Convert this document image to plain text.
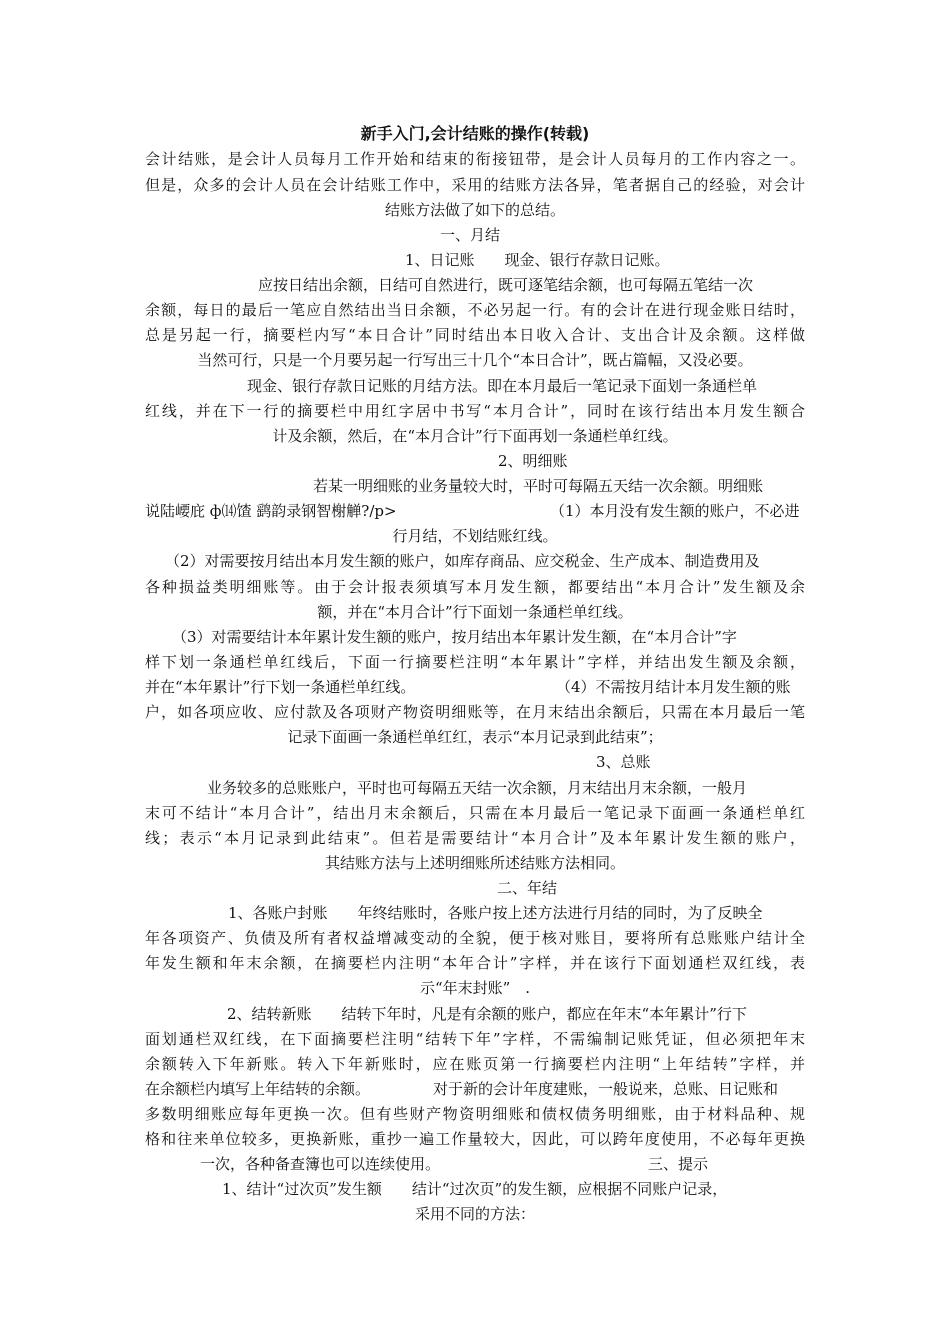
新手入门,会计结账的操作(转载)
会计结账，是会计人员每月工作开始和结束的衔接钮带，是会计人员每月的工作内容之一。
但是，众多的会计人员在会计结账工作中，采用的结账方法各异，笔者据自己的经验，对会计
结账方法做了如下的总结。
一、月结
1、日记账　　现金、银行存款日记账。
应按日结出余额，日结可自然进行，既可逐笔结余额，也可每隔五笔结一次
余额，每日的最后一笔应自然结出当日余额，不必另起一行。有的会计在进行现金账日结时，
总是另起一行，摘要栏内写“本日合计”同时结出本日收入合计、支出合计及余额。这样做
当然可行，只是一个月要另起一行写出三十几个“本日合计”，既占篇幅，又没必要。
现金、银行存款日记账的月结方法。即在本月最后一笔记录下面划一条通栏单
红线，并在下一行的摘要栏中用红字居中书写“本月合计”，同时在该行结出本月发生额合
计及余额，然后，在“本月合计”行下面再划一条通栏单红线。
2、明细账
若某一明细账的业务量较大时，平时可每隔五天结一次余额。明细账
说陆崾庇 ф⒁馇 鹞韵录钢智榭觯?/p>	（1）本月没有发生额的账户，不必进
行月结，不划结账红线。
（2）对需要按月结出本月发生额的账户，如库存商品、应交税金、生产成本、制造费用及
各种损益类明细账等。由于会计报表须填写本月发生额，都要结出“本月合计”发生额及余
额，并在“本月合计”行下面划一条通栏单红线。
（3）对需要结计本年累计发生额的账户，按月结出本年累计发生额，在“本月合计”字
样下划一条通栏单红线后，下面一行摘要栏注明“本年累计”字样，并结出发生额及余额，
并在“本年累计”行下划一条通栏单红线。	（4）不需按月结计本月发生额的账
户，如各项应收、应付款及各项财产物资明细账等，在月末结出余额后，只需在本月最后一笔
记录下面画一条通栏单红红，表示“本月记录到此结束”；
3、总账
业务较多的总账账户，平时也可每隔五天结一次余额，月末结出月末余额，一般月
末可不结计“本月合计”，结出月末余额后，只需在本月最后一笔记录下面画一条通栏单红
线；表示“本月记录到此结束”。但若是需要结计“本月合计”及本年累计发生额的账户，
其结账方法与上述明细账所述结账方法相同。
二、年结
1、各账户封账　　年终结账时，各账户按上述方法进行月结的同时，为了反映全
年各项资产、负债及所有者权益增减变动的全貌，便于核对账目，要将所有总账账户结计全
年发生额和年末余额，在摘要栏内注明“本年合计”字样，并在该行下面划通栏双红线，表
示“年末封账”　.
2、结转新账　　结转下年时，凡是有余额的账户，都应在年末“本年累计”行下
面划通栏双红线，在下面摘要栏注明“结转下年”字样，不需编制记账凭证，但必须把年末
余额转入下年新账。转入下年新账时，应在账页第一行摘要栏内注明“上年结转”字样，并
在余额栏内填写上年结转的余额。	对于新的会计年度建账，一般说来，总账、日记账和
多数明细账应每年更换一次。但有些财产物资明细账和债权债务明细账，由于材料品种、规
格和往来单位较多，更换新账，重抄一遍工作量较大，因此，可以跨年度使用，不必每年更换
一次，各种备查簿也可以连续使用。	三、提示
1、结计“过次页”发生额　　结计“过次页”的发生额，应根据不同账户记录，
采用不同的方法：
